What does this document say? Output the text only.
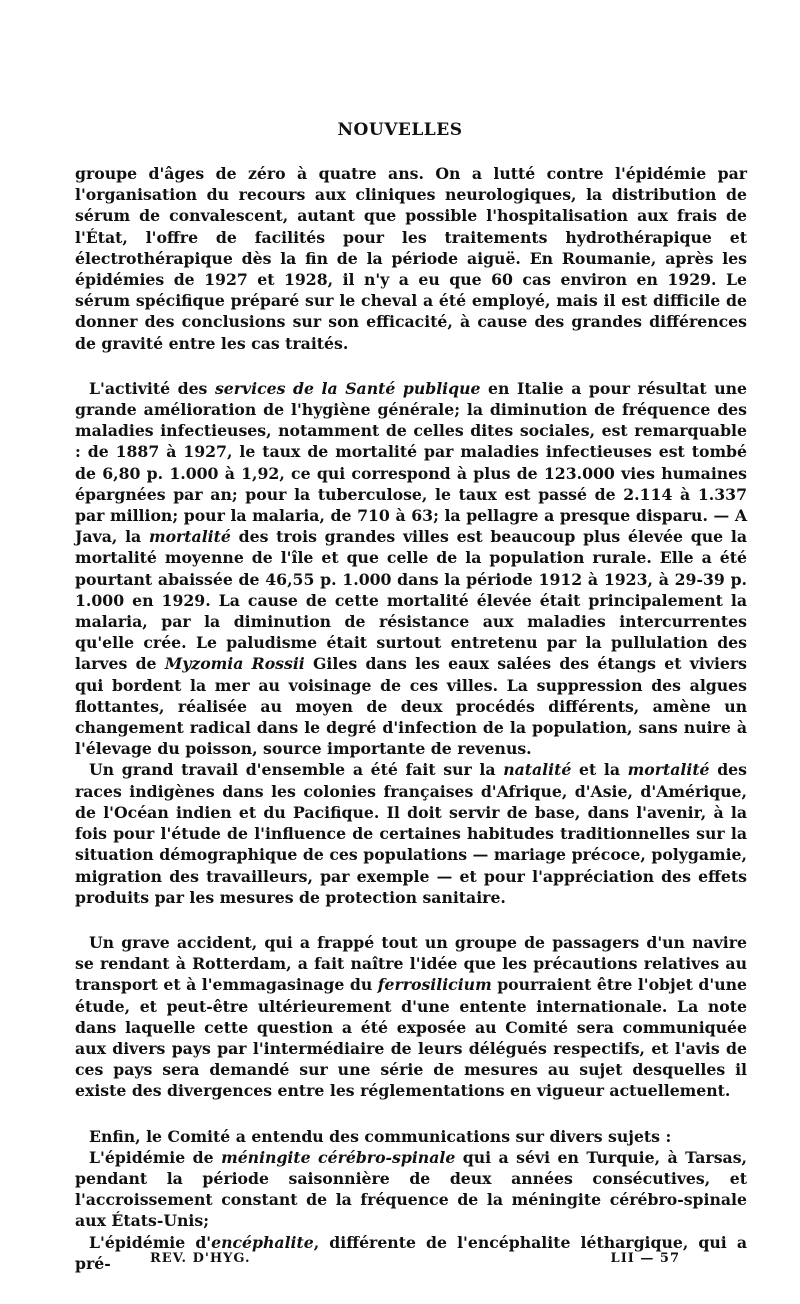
NOUVELLES

groupe d'âges de zéro à quatre ans. On a lutté contre l'épidémie par l'organisation du recours aux cliniques neurologiques, la distribution de sérum de convalescent, autant que possible l'hospitalisation aux frais de l'État, l'offre de facilités pour les traitements hydrothérapique et électrothérapique dès la fin de la période aiguë. En Roumanie, après les épidémies de 1927 et 1928, il n'y a eu que 60 cas environ en 1929. Le sérum spécifique préparé sur le cheval a été employé, mais il est difficile de donner des conclusions sur son efficacité, à cause des grandes différences de gravité entre les cas traités.

L'activité des services de la Santé publique en Italie a pour résultat une grande amélioration de l'hygiène générale; la diminution de fréquence des maladies infectieuses, notamment de celles dites sociales, est remarquable : de 1887 à 1927, le taux de mortalité par maladies infectieuses est tombé de 6,80 p. 1.000 à 1,92, ce qui correspond à plus de 123.000 vies humaines épargnées par an; pour la tuberculose, le taux est passé de 2.114 à 1.337 par million; pour la malaria, de 710 à 63; la pellagre a presque disparu. — A Java, la mortalité des trois grandes villes est beaucoup plus élevée que la mortalité moyenne de l'île et que celle de la population rurale. Elle a été pourtant abaissée de 46,55 p. 1.000 dans la période 1912 à 1923, à 29-39 p. 1.000 en 1929. La cause de cette mortalité élevée était principalement la malaria, par la diminution de résistance aux maladies intercurrentes qu'elle crée. Le paludisme était surtout entretenu par la pullulation des larves de Myzomia Rossii Giles dans les eaux salées des étangs et viviers qui bordent la mer au voisinage de ces villes. La suppression des algues flottantes, réalisée au moyen de deux procédés différents, amène un changement radical dans le degré d'infection de la population, sans nuire à l'élevage du poisson, source importante de revenus.

Un grand travail d'ensemble a été fait sur la natalité et la mortalité des races indigènes dans les colonies françaises d'Afrique, d'Asie, d'Amérique, de l'Océan indien et du Pacifique. Il doit servir de base, dans l'avenir, à la fois pour l'étude de l'influence de certaines habitudes traditionnelles sur la situation démographique de ces populations — mariage précoce, polygamie, migration des travailleurs, par exemple — et pour l'appréciation des effets produits par les mesures de protection sanitaire.

Un grave accident, qui a frappé tout un groupe de passagers d'un navire se rendant à Rotterdam, a fait naître l'idée que les précautions relatives au transport et à l'emmagasinage du ferrosilicium pourraient être l'objet d'une étude, et peut-être ultérieurement d'une entente internationale. La note dans laquelle cette question a été exposée au Comité sera communiquée aux divers pays par l'intermédiaire de leurs délégués respectifs, et l'avis de ces pays sera demandé sur une série de mesures au sujet desquelles il existe des divergences entre les réglementations en vigueur actuellement.

Enfin, le Comité a entendu des communications sur divers sujets :

L'épidémie de méningite cérébro-spinale qui a sévi en Turquie, à Tarsas, pendant la période saisonnière de deux années consécutives, et l'accroissement constant de la fréquence de la méningite cérébro-spinale aux États-Unis;

L'épidémie d'encéphalite, différente de l'encéphalite léthargique, qui a pré-	REV. D'HYG.	LII — 57
